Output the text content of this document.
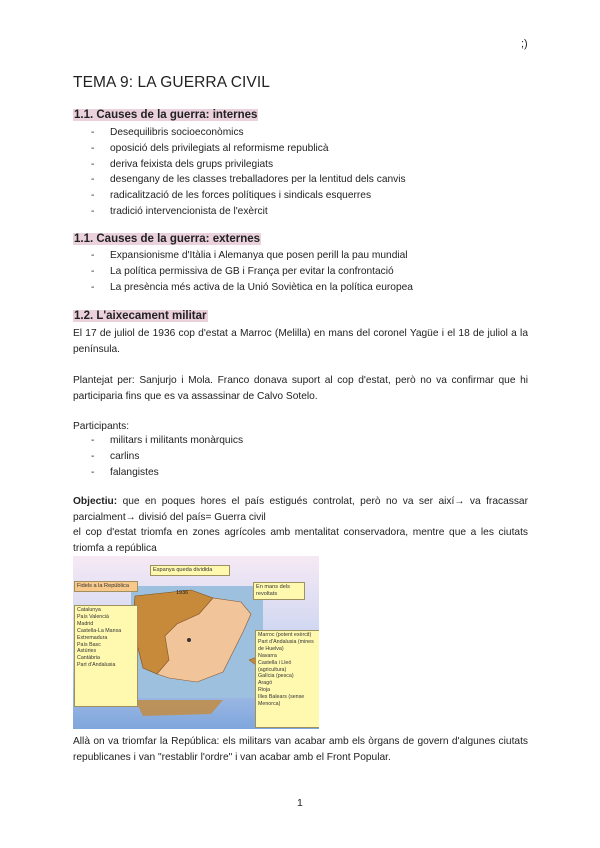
;)
TEMA 9: LA GUERRA CIVIL
1.1. Causes de la guerra: internes
- Desequilibris socioeconòmics
- oposició dels privilegiats al reformisme republicà
- deriva feixista dels grups privilegiats
- desengany de les classes treballadores per la lentitud dels canvis
- radicalització de les forces polítiques i sindicals esquerres
- tradició intervencionista de l'exèrcit
1.1. Causes de la guerra: externes
- Expansionisme d'Itàlia i Alemanya que posen perill la pau mundial
- La política permissiva de GB i França per evitar la confrontació
- La presència més activa de la Unió Soviètica en la política europea
1.2. L'aixecament militar
El 17 de juliol de 1936 cop d'estat a Marroc (Melilla) en mans del coronel Yagüe i el 18 de juliol a la península.
Plantejat per: Sanjurjo i Mola. Franco donava suport al cop d'estat, però no va confirmar que hi participaria fins que es va assassinar de Calvo Sotelo.
Participants:
- militars i militants monàrquics
- carlins
- falangistes
Objectiu: que en poques hores el país estigués controlat, però no va ser així→ va fracassar parcialment→ divisió del país= Guerra civil
el cop d'estat triomfa en zones agrícoles amb mentalitat conservadora, mentre que a les ciutats triomfa a república
Fidels a la República
Espanya queda dividida
En mans dels revoltats
1936
Catalunya
País Valencià
Madrid
Castella-La Manxa
Extremadura
País Basc
Astúries
Cantàbria
Part d'Andalusia
Marroc (potent exèrcit)
Part d'Andalusia (mines de Huelva)
Navarra
Castella i Lleó (agricultura)
Galícia (pesca)
Aragó
Rioja
Illes Balears (sense Menorca)
Allà on va triomfar la República: els militars van acabar amb els òrgans de govern d'algunes ciutats republicanes i van "restablir l'ordre" i van acabar amb el Front Popular.
1
